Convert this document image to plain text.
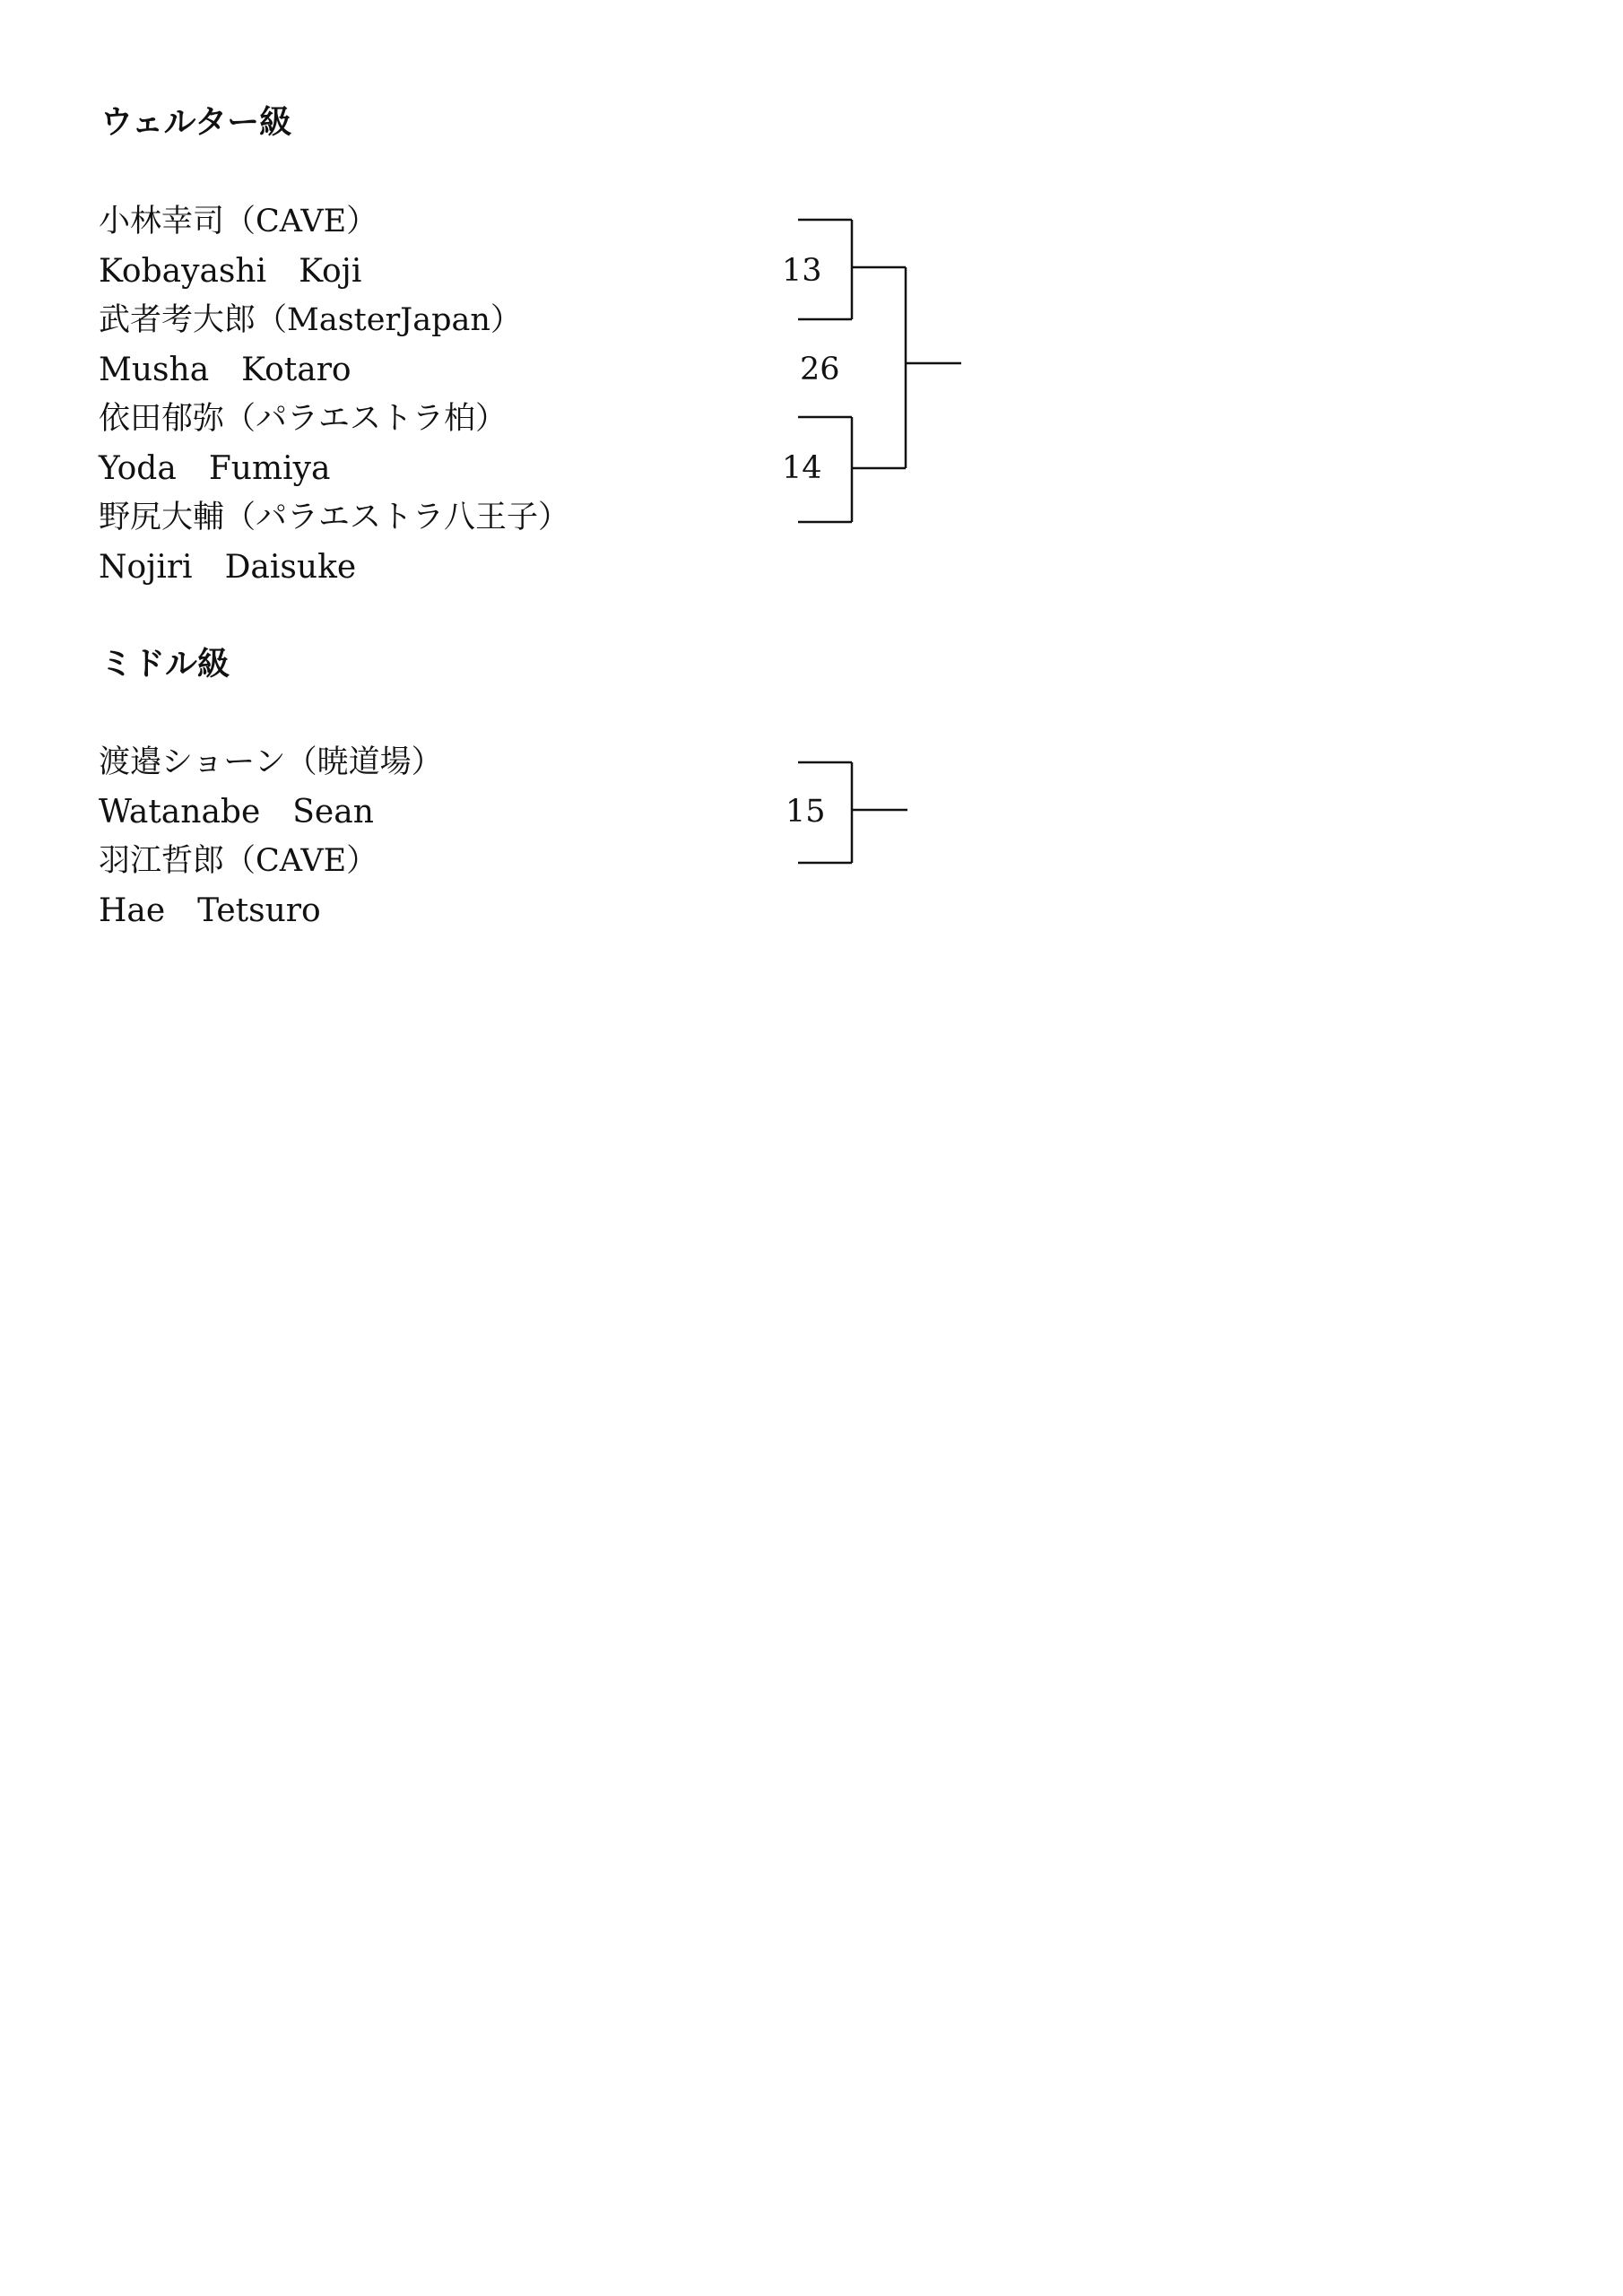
ウェルター級
小林幸司（CAVE）
Kobayashi　Koji
武者考大郎（MasterJapan）
Musha　Kotaro
依田郁弥（パラエストラ柏）
Yoda　Fumiya
野尻大輔（パラエストラ八王子）
Nojiri　Daisuke
13
26
14
ミドル級
渡邉ショーン（暁道場）
Watanabe　Sean
羽江哲郎（CAVE）
Hae　Tetsuro
15
